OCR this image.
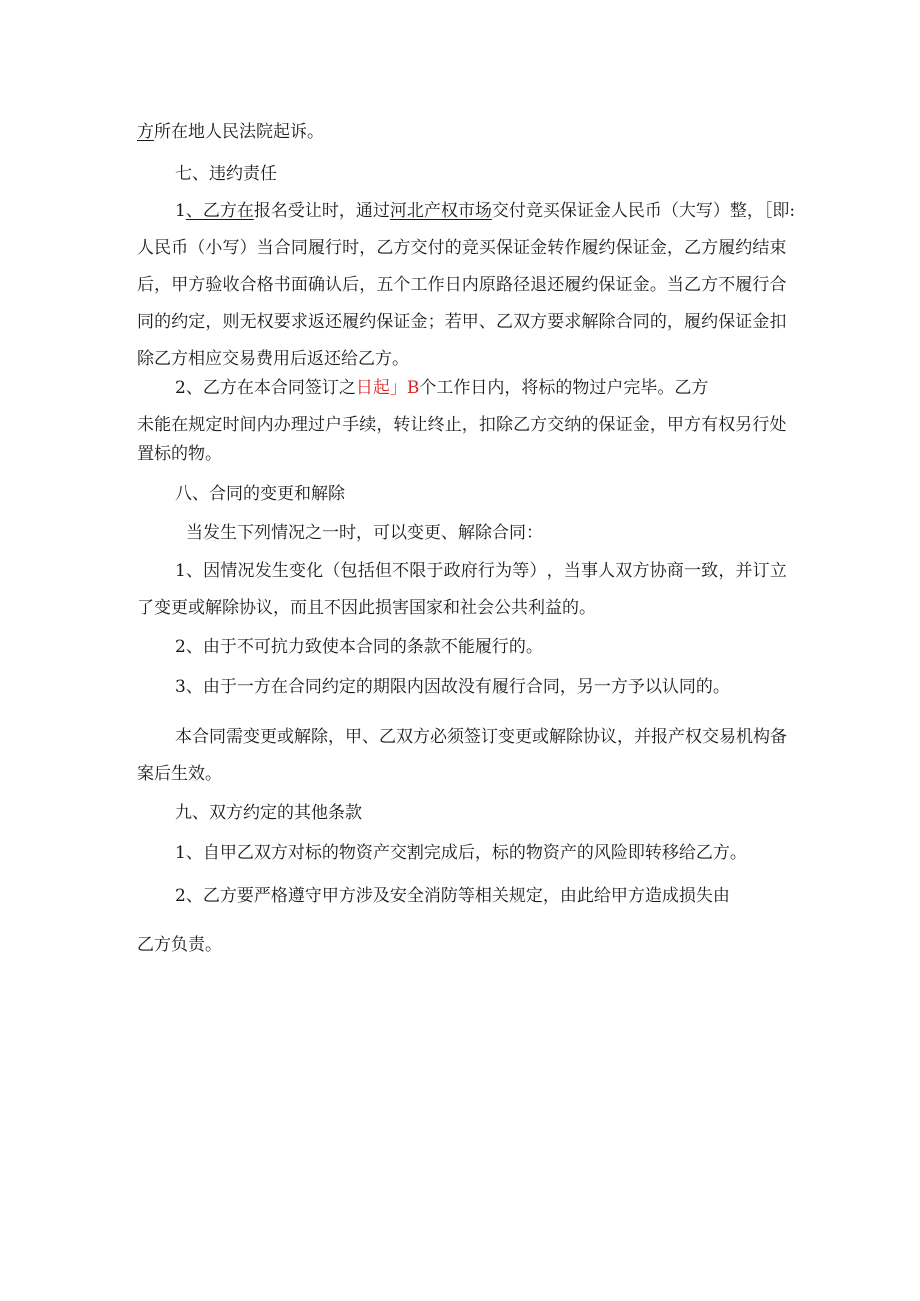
方所在地人民法院起诉。

七、违约责任

1、乙方在报名受让时，通过河北产权市场交付竞买保证金人民币（大写）整，［即:

人 民 币 （ 小 写 ） 当 合 同 履 行 时 ， 乙 方 交 付 的 竞 买 保 证 金 转 作 履 约 保 证 金 ， 乙 方 履 约 结 束

后 ， 甲 方 验 收 合 格 书 面 确 认 后 ， 五 个 工 作 日 内 原 路 径 退 还 履 约 保 证 金 。 当 乙 方 不 履 行 合

同 的 约 定 ， 则 无 权 要 求 返 还 履 约 保 证 金 ； 若 甲 、 乙 双 方 要 求 解 除 合 同 的 ， 履 约 保 证 金 扣

除乙方相应交易费用后返还给乙方。

2、乙方在本合同签订之日起」B个工作日内，将标的物过户完毕。乙方

未 能 在 规 定 时 间 内 办 理 过 户 手 续 ， 转 让 终 止 ， 扣 除 乙 方 交 纳 的 保 证 金 ， 甲 方 有 权 另 行 处

置标的物。

八、合同的变更和解除

当发生下列情况之一时，可以变更、解除合同：

1 、 因 情 况 发 生 变 化 （ 包 括 但 不 限 于 政 府 行 为 等 ） ， 当 事 人 双 方 协 商 一 致 ， 并 订 立

了变更或解除协议，而且不因此损害国家和社会公共利益的。

2、由于不可抗力致使本合同的条款不能履行的。

3、由于一方在合同约定的期限内因故没有履行合同，另一方予以认同的。

本 合 同 需 变 更 或 解 除 ， 甲 、 乙 双 方 必 须 签 订 变 更 或 解 除 协 议 ， 并 报 产 权 交 易 机 构 备

案后生效。

九、双方约定的其他条款

1、自甲乙双方对标的物资产交割完成后，标的物资产的风险即转移给乙方。

2、乙方要严格遵守甲方涉及安全消防等相关规定，由此给甲方造成损失由

乙方负责。
